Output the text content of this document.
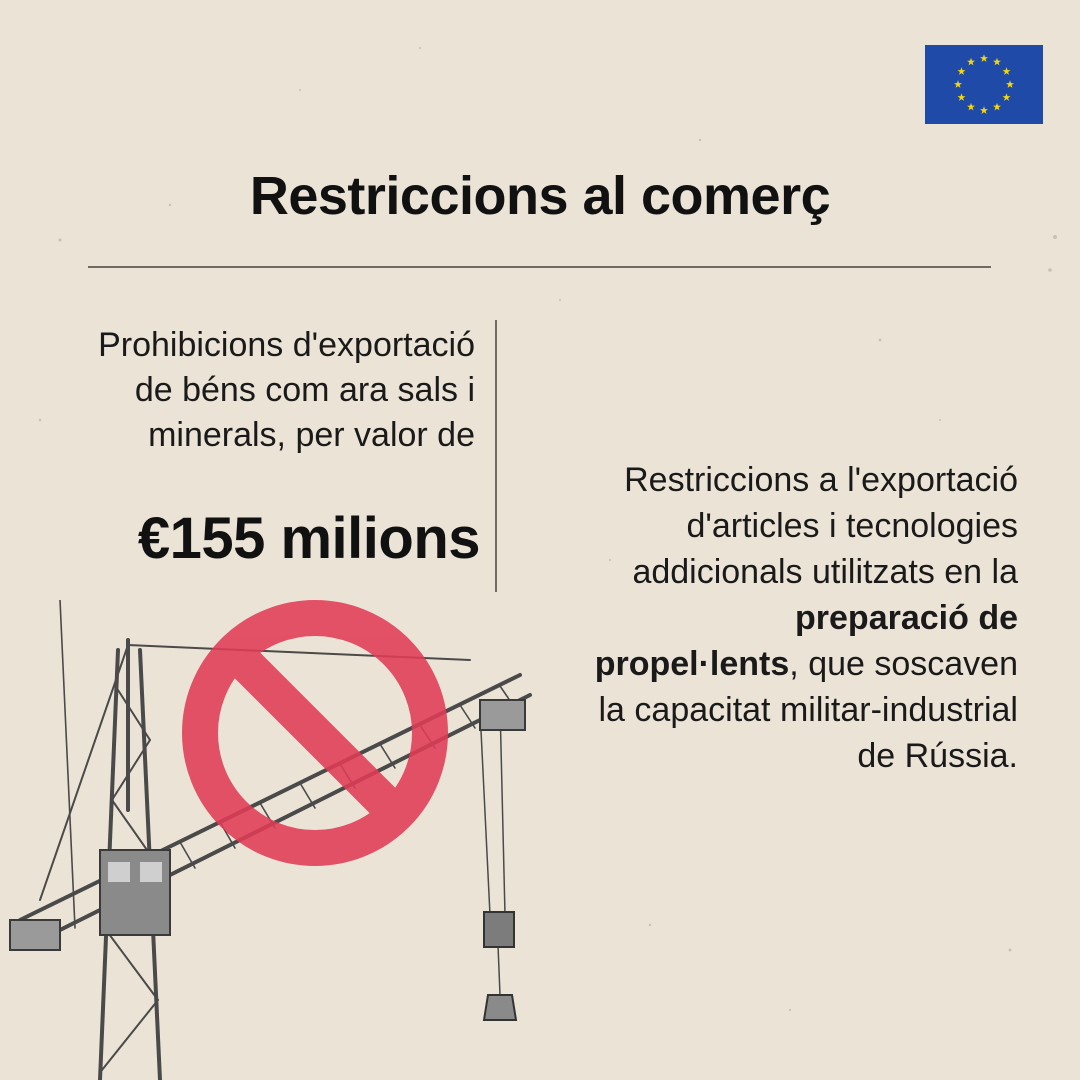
Restriccions al comerç
Prohibicions d'exportació de béns com ara sals i minerals, per valor de
€155 milions
Restriccions a l'exportació d'articles i tecnologies addicionals utilitzats en la preparació de propel·lents, que soscaven la capacitat militar-industrial de Rússia.
